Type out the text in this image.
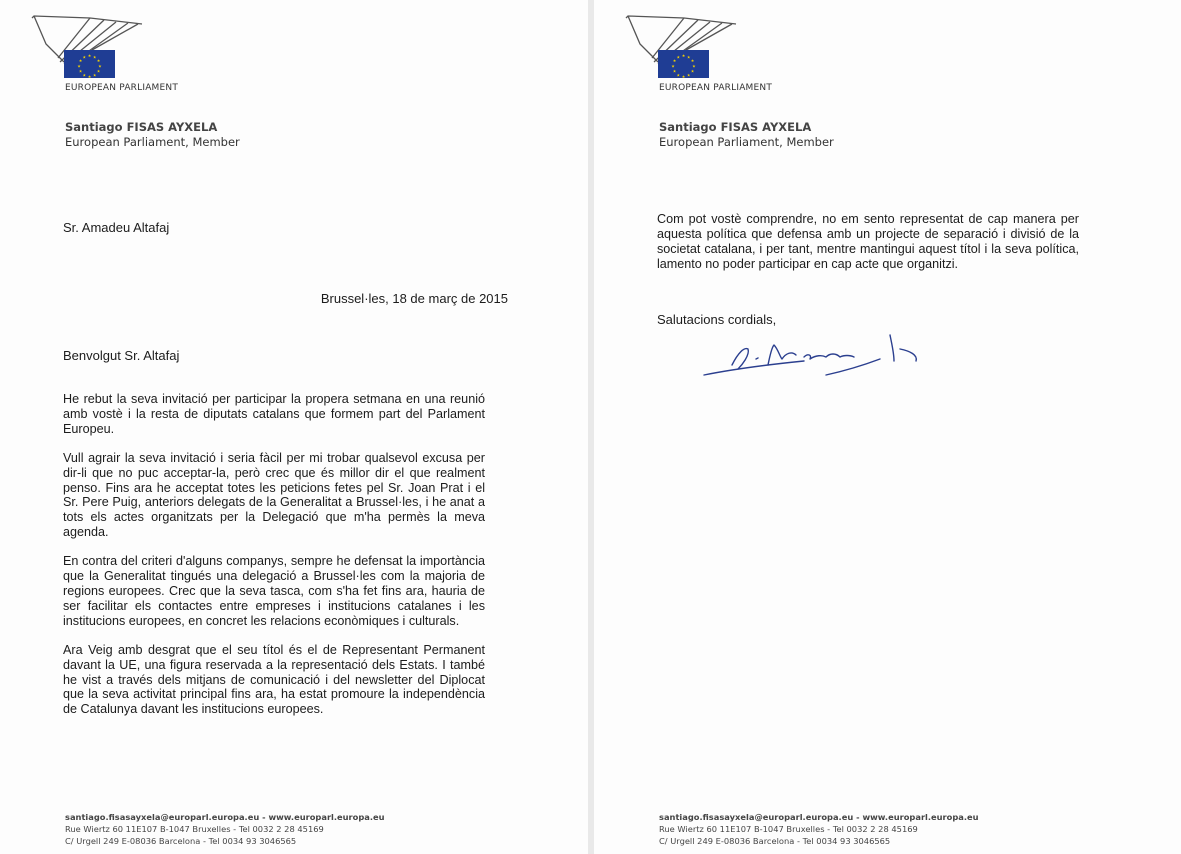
★ ★
★
★
★
★
★
★
★
★
★
★
EUROPEAN PARLIAMENT
Santiago FISAS AYXELA
European Parliament, Member
Sr. Amadeu Altafaj
Brussel·les, 18 de març de 2015
Benvolgut Sr. Altafaj

He rebut la seva invitació per participar la propera setmana en una reunió amb vostè i la resta de diputats catalans que formem part del Parlament Europeu.

Vull agrair la seva invitació i seria fàcil per mi trobar qualsevol excusa per dir-li que no puc acceptar-la, però crec que és millor dir el que realment penso. Fins ara he acceptat totes les peticions fetes pel Sr. Joan Prat i el Sr. Pere Puig, anteriors delegats de la Generalitat a Brussel·les, i he anat a tots els actes organitzats per la Delegació que m'ha permès la meva agenda.

En contra del criteri d'alguns companys, sempre he defensat la importància que la Generalitat tingués una delegació a Brussel·les com la majoria de regions europees. Crec que la seva tasca, com s'ha fet fins ara, hauria de ser facilitar els contactes entre empreses i institucions catalanes i les institucions europees, en concret les relacions econòmiques i culturals.

Ara Veig amb desgrat que el seu títol és el de Representant Permanent davant la UE, una figura reservada a la representació dels Estats. I també he vist a través dels mitjans de comunicació i del newsletter del Diplocat que la seva activitat principal fins ara, ha estat promoure la independència de Catalunya davant les institucions europees.

santiago.fisasayxela@europarl.europa.eu - www.europarl.europa.eu
Rue Wiertz 60 11E107 B-1047 Bruxelles - Tel 0032 2 28 45169
C/ Urgell 249 E-08036 Barcelona - Tel 0034 93 3046565
★ ★
★
★
★
★
★
★
★
★
★
★
EUROPEAN PARLIAMENT
Santiago FISAS AYXELA
European Parliament, Member

Com pot vostè comprendre, no em sento representat de cap manera per aquesta política que defensa amb un projecte de separació i divisió de la societat catalana, i per tant, mentre mantingui aquest títol i la seva política, lamento no poder participar en cap acte que organitzi.

Salutacions cordials,
santiago.fisasayxela@europarl.europa.eu - www.europarl.europa.eu
Rue Wiertz 60 11E107 B-1047 Bruxelles - Tel 0032 2 28 45169
C/ Urgell 249 E-08036 Barcelona - Tel 0034 93 3046565
